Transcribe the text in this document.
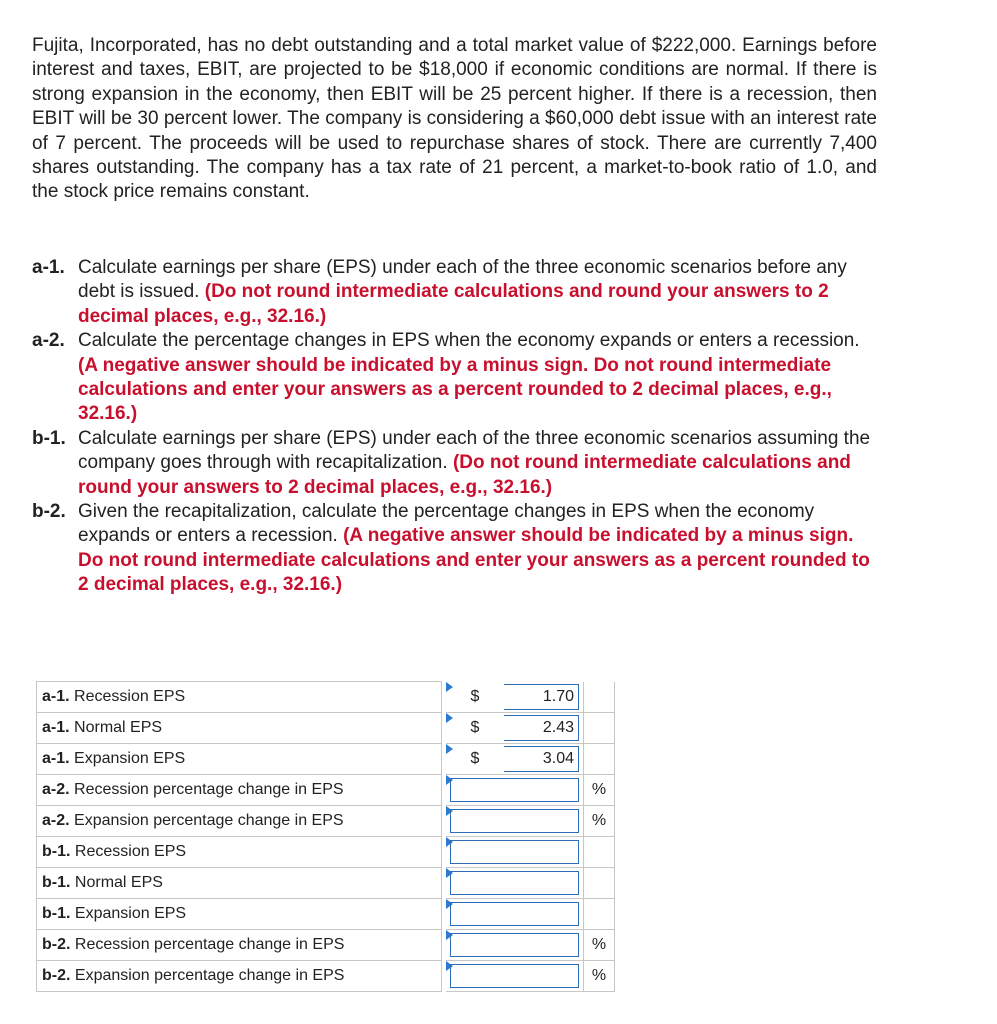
Fujita, Incorporated, has no debt outstanding and a total market value of $222,000. Earnings before interest and taxes, EBIT, are projected to be $18,000 if economic conditions are normal. If there is strong expansion in the economy, then EBIT will be 25 percent higher. If there is a recession, then EBIT will be 30 percent lower. The company is considering a $60,000 debt issue with an interest rate of 7 percent. The proceeds will be used to repurchase shares of stock. There are currently 7,400 shares outstanding. The company has a tax rate of 21 percent, a market-to-book ratio of 1.0, and the stock price remains constant.

a-1. Calculate earnings per share (EPS) under each of the three economic scenarios before any debt is issued. (Do not round intermediate calculations and round your answers to 2 decimal places, e.g., 32.16.)
a-2. Calculate the percentage changes in EPS when the economy expands or enters a recession. (A negative answer should be indicated by a minus sign. Do not round intermediate calculations and enter your answers as a percent rounded to 2 decimal places, e.g., 32.16.)
b-1. Calculate earnings per share (EPS) under each of the three economic scenarios assuming the company goes through with recapitalization. (Do not round intermediate calculations and round your answers to 2 decimal places, e.g., 32.16.)
b-2. Given the recapitalization, calculate the percentage changes in EPS when the economy expands or enters a recession. (A negative answer should be indicated by a minus sign. Do not round intermediate calculations and enter your answers as a percent rounded to 2 decimal places, e.g., 32.16.)
a-1. Recession EPS		$ 1.70	

a-1. Normal EPS		$ 2.43	

a-1. Expansion EPS		$ 3.04	

a-2. Recession percentage change in EPS			%
a-2. Expansion percentage change in EPS			%
b-1. Recession EPS		

b-1. Normal EPS		

b-1. Expansion EPS		

b-2. Recession percentage change in EPS			%
b-2. Expansion percentage change in EPS			%
